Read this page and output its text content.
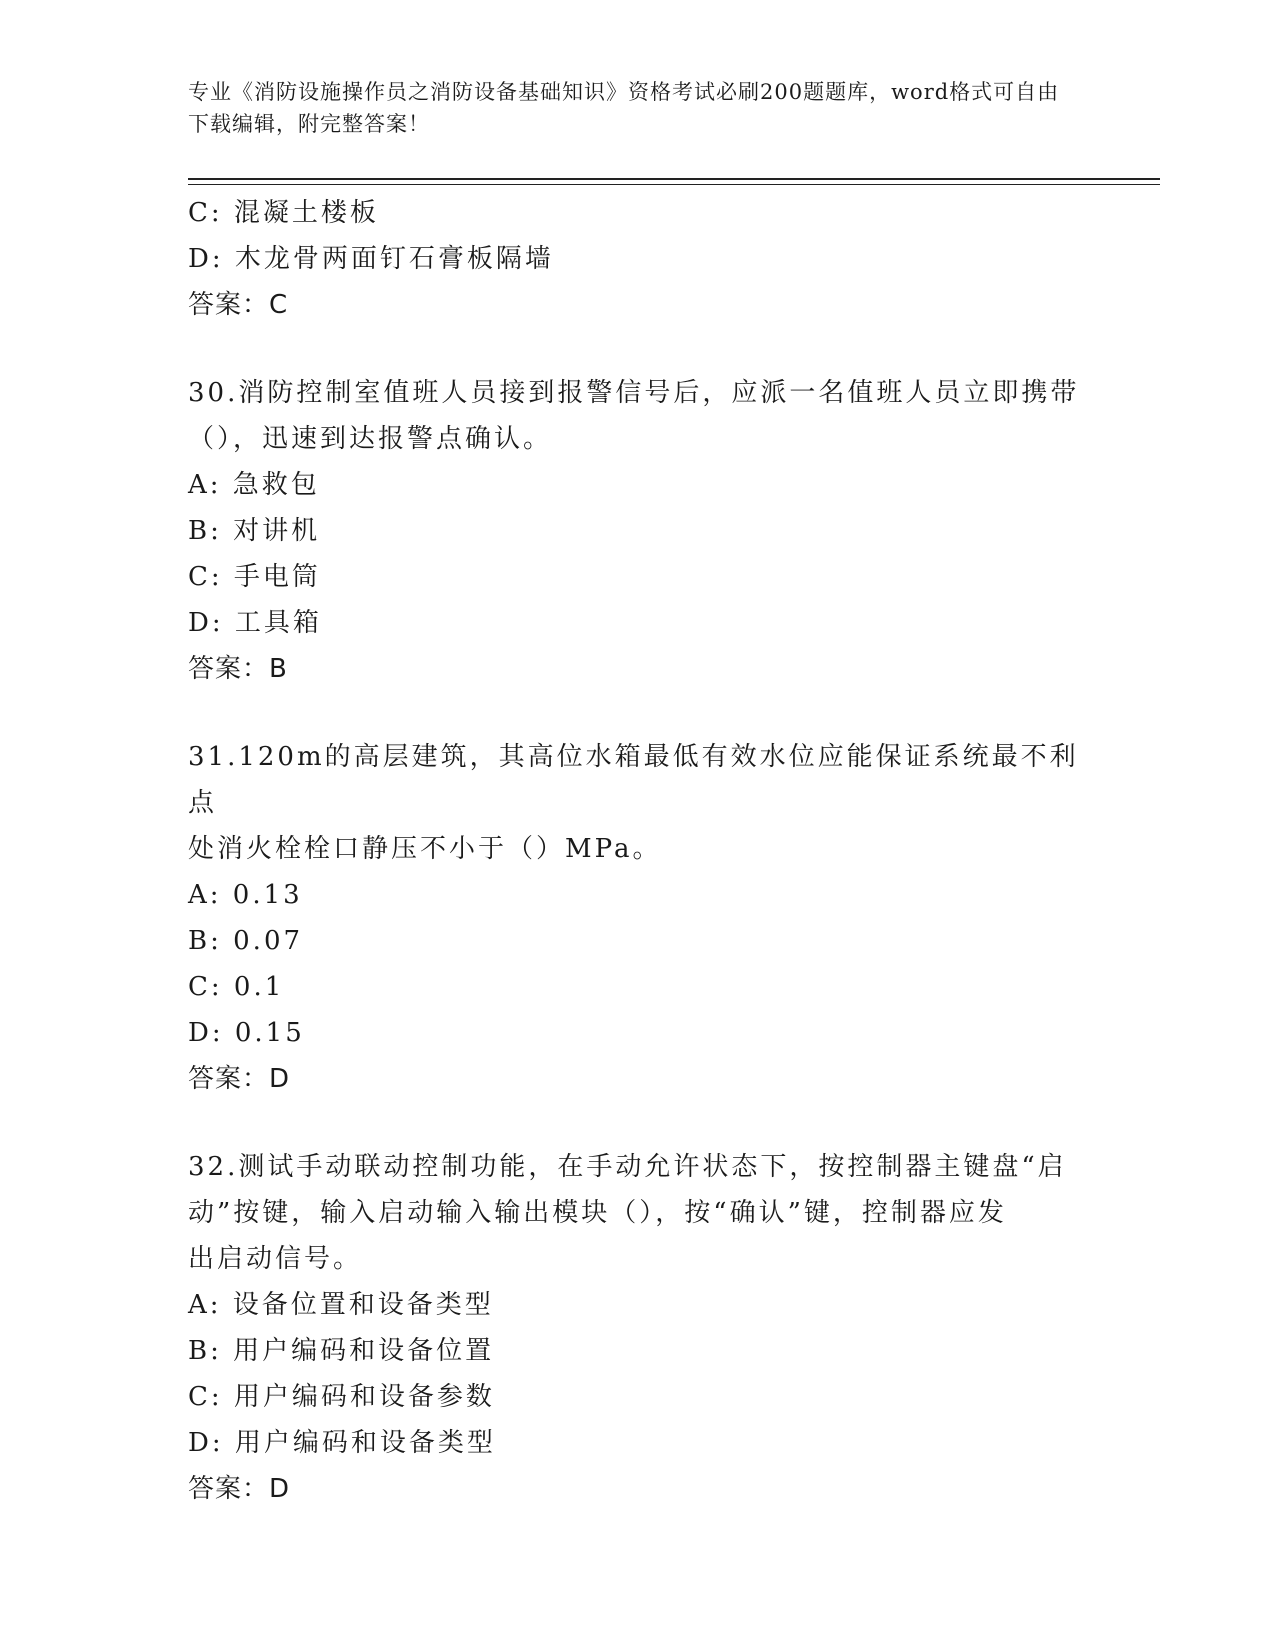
专业《消防设施操作员之消防设备基础知识》资格考试必刷200题题库，word格式可自由下载编辑，附完整答案！
C: 混凝土楼板
D: 木龙骨两面钉石膏板隔墙
答案：C
30.消防控制室值班人员接到报警信号后，应派一名值班人员立即携带
（），迅速到达报警点确认。
A: 急救包
B: 对讲机
C: 手电筒
D: 工具箱
答案：B
31.120m的高层建筑，其高位水箱最低有效水位应能保证系统最不利点
处消火栓栓口静压不小于（）MPa。
A: 0.13
B: 0.07
C: 0.1
D: 0.15
答案：D
32.测试手动联动控制功能，在手动允许状态下，按控制器主键盘“启
动”按键，输入启动输入输出模块（），按“确认”键，控制器应发
出启动信号。
A: 设备位置和设备类型
B: 用户编码和设备位置
C: 用户编码和设备参数
D: 用户编码和设备类型
答案：D
